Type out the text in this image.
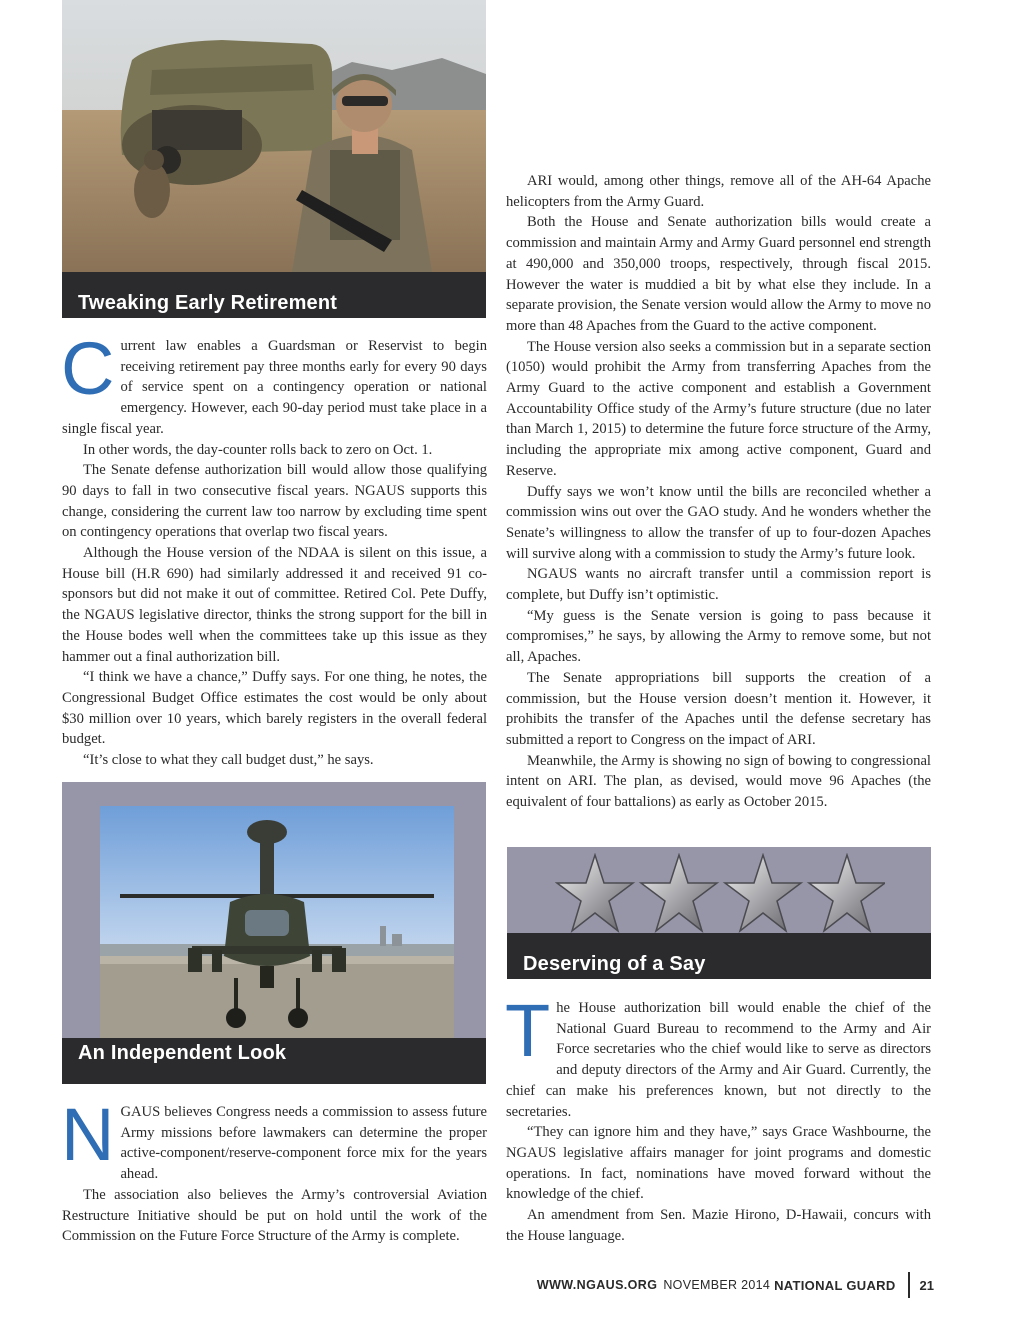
Tweaking Early Retirement

Current law enables a Guardsman or Reservist to begin receiving retirement pay three months early for every 90 days of service spent on a contingency operation or national emergency. However, each 90-day period must take place in a single fiscal year.

In other words, the day-counter rolls back to zero on Oct. 1.

The Senate defense authorization bill would allow those qualifying 90 days to fall in two consecutive fiscal years. NGAUS supports this change, considering the current law too narrow by excluding time spent on contingency operations that overlap two fiscal years.

Although the House version of the NDAA is silent on this issue, a House bill (H.R 690) had similarly addressed it and received 91 co-sponsors but did not make it out of committee. Retired Col. Pete Duffy, the NGAUS legislative director, thinks the strong support for the bill in the House bodes well when the committees take up this issue as they hammer out a final authorization bill.

“I think we have a chance,” Duffy says. For one thing, he notes, the Congressional Budget Office estimates the cost would be only about $30 million over 10 years, which barely registers in the overall federal budget.

“It’s close to what they call budget dust,” he says.

An Independent Look

NGAUS believes Congress needs a commission to assess future Army missions before lawmakers can determine the proper active-component/reserve-component force mix for the years ahead.

The association also believes the Army’s controversial Aviation Restructure Initiative should be put on hold until the work of the Commission on the Future Force Structure of the Army is complete.

ARI would, among other things, remove all of the AH-64 Apache helicopters from the Army Guard.

Both the House and Senate authorization bills would create a commission and maintain Army and Army Guard personnel end strength at 490,000 and 350,000 troops, respectively, through fiscal 2015. However the water is muddied a bit by what else they include. In a separate provision, the Senate version would allow the Army to move no more than 48 Apaches from the Guard to the active component.

The House version also seeks a commission but in a separate section (1050) would prohibit the Army from transferring Apaches from the Army Guard to the active component and establish a Government Accountability Office study of the Army’s future structure (due no later than March 1, 2015) to determine the future force structure of the Army, including the appropriate mix among active component, Guard and Reserve.

Duffy says we won’t know until the bills are reconciled whether a commission wins out over the GAO study. And he wonders whether the Senate’s willingness to allow the transfer of up to four-dozen Apaches will survive along with a commission to study the Army’s future look.

NGAUS wants no aircraft transfer until a commission report is complete, but Duffy isn’t optimistic.

“My guess is the Senate version is going to pass because it compromises,” he says, by allowing the Army to remove some, but not all, Apaches.

The Senate appropriations bill supports the creation of a commission, but the House version doesn’t mention it. However, it prohibits the transfer of the Apaches until the defense secretary has submitted a report to Congress on the impact of ARI.

Meanwhile, the Army is showing no sign of bowing to congressional intent on ARI. The plan, as devised, would move 96 Apaches (the equivalent of four battalions) as early as October 2015.

Deserving of a Say

The House authorization bill would enable the chief of the National Guard Bureau to recommend to the Army and Air Force secretaries who the chief would like to serve as directors and deputy directors of the Army and Air Guard. Currently, the chief can make his preferences known, but not directly to the secretaries.

“They can ignore him and they have,” says Grace Washbourne, the NGAUS legislative affairs manager for joint programs and domestic operations. In fact, nominations have moved forward without the knowledge of the chief.

An amendment from Sen. Mazie Hirono, D-Hawaii, concurs with the House language.

WWW.NGAUS.ORG NOVEMBER 2014 NATIONAL GUARD 21
